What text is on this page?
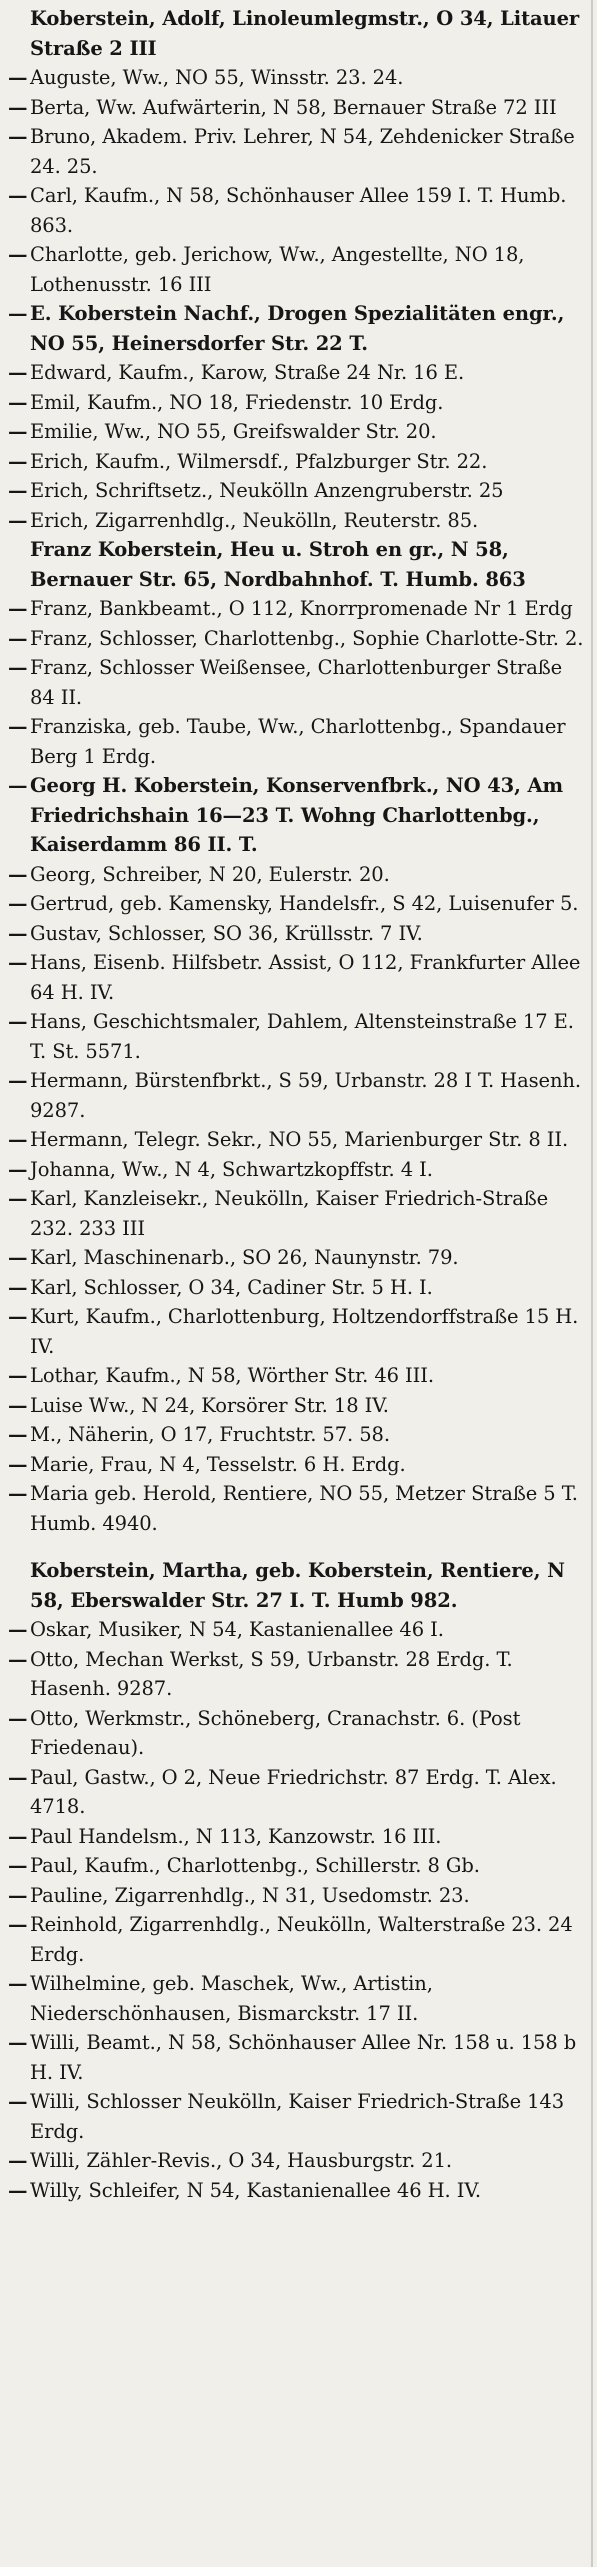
Koberstein, Adolf, Linoleumlegmstr., O 34, Litauer Straße 2 III
— Auguste, Ww., NO 55, Winsstr. 23. 24.
— Berta, Ww. Aufwärterin, N 58, Bernauer Straße 72 III
— Bruno, Akadem. Priv. Lehrer, N 54, Zehdenicker Straße 24. 25.
— Carl, Kaufm., N 58, Schönhauser Allee 159 I. T. Humb. 863.
— Charlotte, geb. Jerichow, Ww., Angestellte, NO 18, Lothenusstr. 16 III
— E. Koberstein Nachf., Drogen Spezialitäten engr., NO 55, Heinersdorfer Str. 22 T.
— Edward, Kaufm., Karow, Straße 24 Nr. 16 E.
— Emil, Kaufm., NO 18, Friedenstr. 10 Erdg.
— Emilie, Ww., NO 55, Greifswalder Str. 20.
— Erich, Kaufm., Wilmersdf., Pfalzburger Str. 22.
— Erich, Schriftsetz., Neukölln Anzengruberstr. 25
— Erich, Zigarrenhdlg., Neukölln, Reuterstr. 85.
Franz Koberstein, Heu u. Stroh en gr., N 58, Bernauer Str. 65, Nordbahnhof. T. Humb. 863
— Franz, Bankbeamt., O 112, Knorrpromenade Nr 1 Erdg
— Franz, Schlosser, Charlottenbg., Sophie Charlotte-Str. 2.
— Franz, Schlosser Weißensee, Charlottenburger Straße 84 II.
— Franziska, geb. Taube, Ww., Charlottenbg., Spandauer Berg 1 Erdg.
— Georg H. Koberstein, Konservenfbrk., NO 43, Am Friedrichshain 16—23 T. Wohng Charlottenbg., Kaiserdamm 86 II. T.
— Georg, Schreiber, N 20, Eulerstr. 20.
— Gertrud, geb. Kamensky, Handelsfr., S 42, Luisenufer 5.
— Gustav, Schlosser, SO 36, Krüllsstr. 7 IV.
— Hans, Eisenb. Hilfsbetr. Assist, O 112, Frankfurter Allee 64 H. IV.
— Hans, Geschichtsmaler, Dahlem, Altensteinstraße 17 E. T. St. 5571.
— Hermann, Bürstenfbrkt., S 59, Urbanstr. 28 I T. Hasenh. 9287.
— Hermann, Telegr. Sekr., NO 55, Marienburger Str. 8 II.
— Johanna, Ww., N 4, Schwartzkopffstr. 4 I.
— Karl, Kanzleisekr., Neukölln, Kaiser Friedrich-Straße 232. 233 III
— Karl, Maschinenarb., SO 26, Naunynstr. 79.
— Karl, Schlosser, O 34, Cadiner Str. 5 H. I.
— Kurt, Kaufm., Charlottenburg, Holtzendorffstraße 15 H. IV.
— Lothar, Kaufm., N 58, Wörther Str. 46 III.
— Luise Ww., N 24, Korsörer Str. 18 IV.
— M., Näherin, O 17, Fruchtstr. 57. 58.
— Marie, Frau, N 4, Tesselstr. 6 H. Erdg.
— Maria geb. Herold, Rentiere, NO 55, Metzer Straße 5 T. Humb. 4940.
Koberstein, Martha, geb. Koberstein, Rentiere, N 58, Eberswalder Str. 27 I. T. Humb 982.
— Oskar, Musiker, N 54, Kastanienallee 46 I.
— Otto, Mechan Werkst, S 59, Urbanstr. 28 Erdg. T. Hasenh. 9287.
— Otto, Werkmstr., Schöneberg, Cranachstr. 6. (Post Friedenau).
— Paul, Gastw., O 2, Neue Friedrichstr. 87 Erdg. T. Alex. 4718.
— Paul Handelsm., N 113, Kanzowstr. 16 III.
— Paul, Kaufm., Charlottenbg., Schillerstr. 8 Gb.
— Pauline, Zigarrenhdlg., N 31, Usedomstr. 23.
— Reinhold, Zigarrenhdlg., Neukölln, Walterstraße 23. 24 Erdg.
— Wilhelmine, geb. Maschek, Ww., Artistin, Niederschönhausen, Bismarckstr. 17 II.
— Willi, Beamt., N 58, Schönhauser Allee Nr. 158 u. 158 b H. IV.
— Willi, Schlosser Neukölln, Kaiser Friedrich-Straße 143 Erdg.
— Willi, Zähler-Revis., O 34, Hausburgstr. 21.
— Willy, Schleifer, N 54, Kastanienallee 46 H. IV.
